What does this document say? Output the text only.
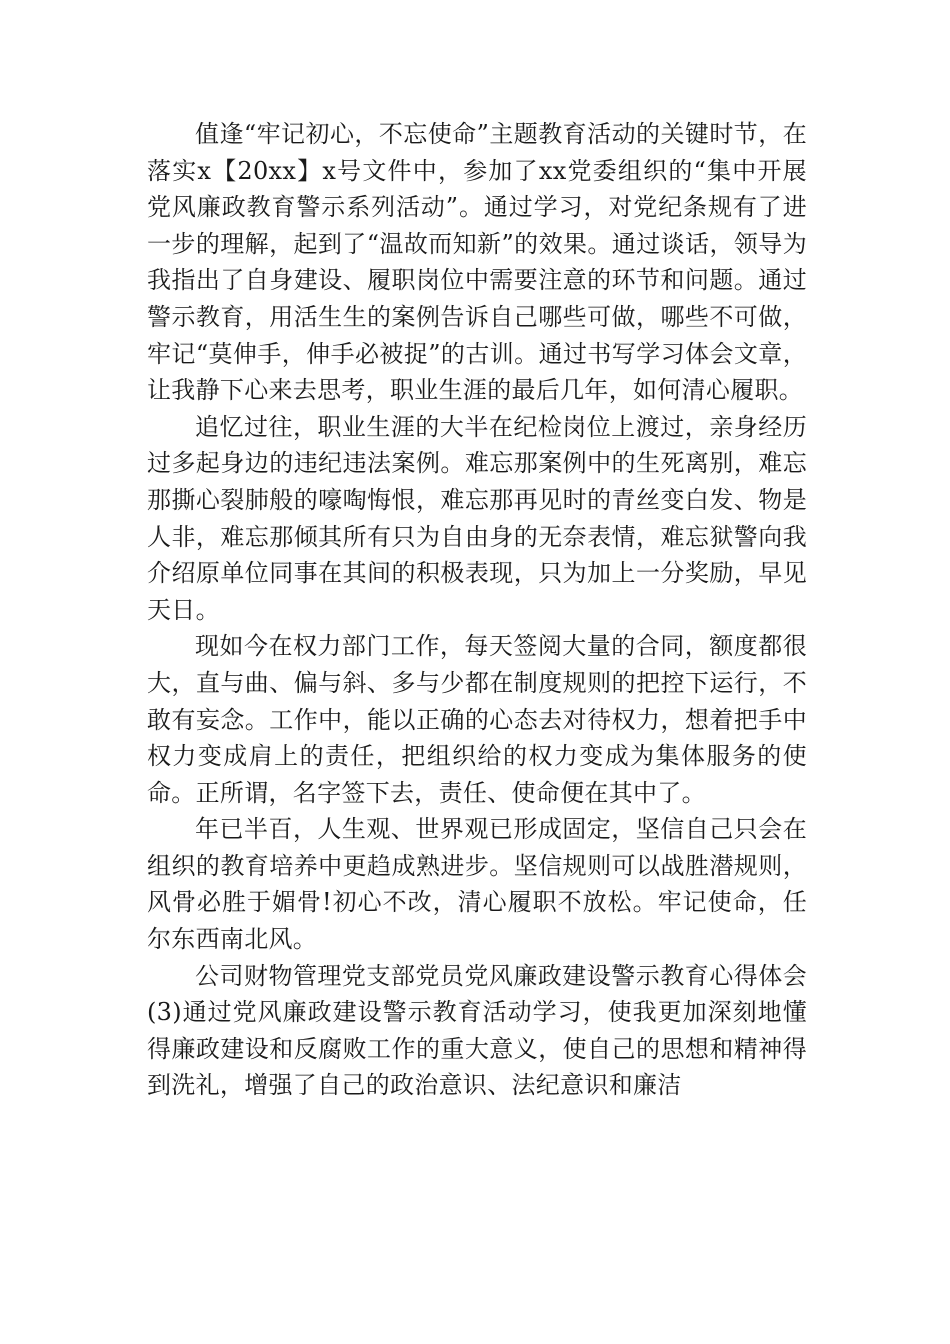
值逢“牢记初心，不忘使命”主题教育活动的关键时节，在落实x【20xx】x号文件中，参加了xx党委组织的“集中开展党风廉政教育警示系列活动”。通过学习，对党纪条规有了进一步的理解，起到了“温故而知新”的效果。通过谈话，领导为我指出了自身建设、履职岗位中需要注意的环节和问题。通过警示教育，用活生生的案例告诉自己哪些可做，哪些不可做，牢记“莫伸手，伸手必被捉”的古训。通过书写学习体会文章，让我静下心来去思考，职业生涯的最后几年，如何清心履职。

追忆过往，职业生涯的大半在纪检岗位上渡过，亲身经历过多起身边的违纪违法案例。难忘那案例中的生死离别，难忘那撕心裂肺般的嚎啕悔恨，难忘那再见时的青丝变白发、物是人非，难忘那倾其所有只为自由身的无奈表情，难忘狱警向我介绍原单位同事在其间的积极表现，只为加上一分奖励，早见天日。

现如今在权力部门工作，每天签阅大量的合同，额度都很大，直与曲、偏与斜、多与少都在制度规则的把控下运行，不敢有妄念。工作中，能以正确的心态去对待权力，想着把手中权力变成肩上的责任，把组织给的权力变成为集体服务的使命。正所谓，名字签下去，责任、使命便在其中了。

年已半百，人生观、世界观已形成固定，坚信自己只会在组织的教育培养中更趋成熟进步。坚信规则可以战胜潜规则，风骨必胜于媚骨!初心不改，清心履职不放松。牢记使命，任尔东西南北风。

公司财物管理党支部党员党风廉政建设警示教育心得体会(3)通过党风廉政建设警示教育活动学习，使我更加深刻地懂得廉政建设和反腐败工作的重大意义，使自己的思想和精神得到洗礼，增强了自己的政治意识、法纪意识和廉洁
